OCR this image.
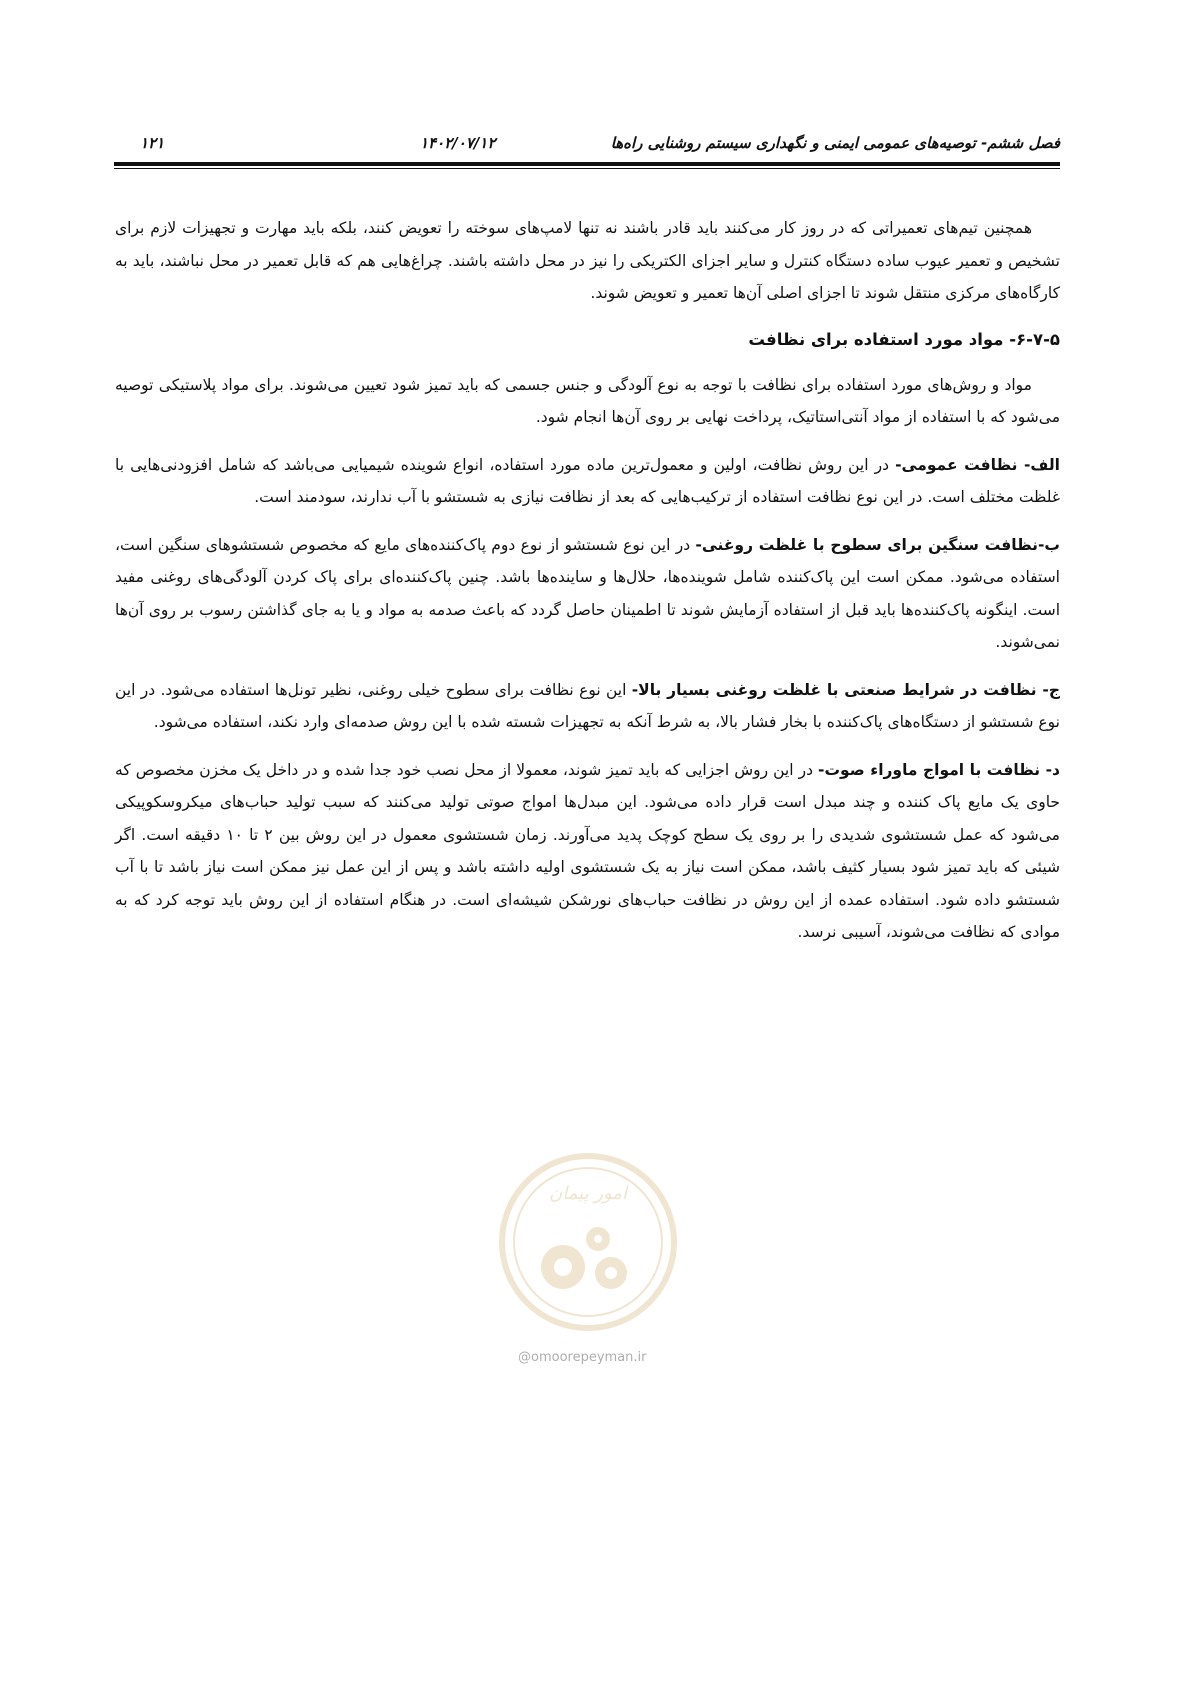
فصل ششم- توصیه‌های عمومی ایمنی و نگهداری سیستم روشنایی راه‌ها
۱۴۰۲/۰۷/۱۲
۱۲۱

همچنین تیم‌های تعمیراتی که در روز کار می‌کنند باید قادر باشند نه تنها لامپ‌های سوخته را تعویض کنند، بلکه باید مهارت و تجهیزات لازم برای تشخیص و تعمیر عیوب ساده دستگاه کنترل و سایر اجزای الکتریکی را نیز در محل داشته باشند. چراغ‌هایی هم که قابل تعمیر در محل نباشند، باید به کارگاه‌های مرکزی منتقل شوند تا اجزای اصلی آن‌ها تعمیر و تعویض شوند.

۶-۷-۵- مواد مورد استفاده برای نظافت

مواد و روش‌های مورد استفاده برای نظافت با توجه به نوع آلودگی و جنس جسمی که باید تمیز شود تعیین می‌شوند. برای مواد پلاستیکی توصیه می‌شود که با استفاده از مواد آنتی‌استاتیک، پرداخت نهایی بر روی آن‌ها انجام شود.

الف- نظافت عمومی- در این روش نظافت، اولین و معمول‌ترین ماده مورد استفاده، انواع شوینده شیمیایی می‌باشد که شامل افزودنی‌هایی با غلظت مختلف است. در این نوع نظافت استفاده از ترکیب‌هایی که بعد از نظافت نیازی به شستشو با آب ندارند، سودمند است.

ب-نظافت سنگین برای سطوح با غلظت روغنی- در این نوع شستشو از نوع دوم پاک‌کننده‌های مایع که مخصوص شستشوهای سنگین است، استفاده می‌شود. ممکن است این پاک‌کننده شامل شوینده‌ها، حلال‌ها و ساینده‌ها باشد. چنین پاک‌کننده‌ای برای پاک کردن آلودگی‌های روغنی مفید است. اینگونه پاک‌کننده‌ها باید قبل از استفاده آزمایش شوند تا اطمینان حاصل گردد که باعث صدمه به مواد و یا به جای گذاشتن رسوب بر روی آن‌ها نمی‌شوند.

ج- نظافت در شرایط صنعتی با غلظت روغنی بسیار بالا- این نوع نظافت برای سطوح خیلی روغنی، نظیر تونل‌ها استفاده می‌شود. در این نوع شستشو از دستگاه‌های پاک‌کننده با بخار فشار بالا، به شرط آنکه به تجهیزات شسته شده با این روش صدمه‌ای وارد نکند، استفاده می‌شود.

د- نظافت با امواج ماوراء صوت- در این روش اجزایی که باید تمیز شوند، معمولا از محل نصب خود جدا شده و در داخل یک مخزن مخصوص که حاوی یک مایع پاک کننده و چند مبدل است قرار داده می‌شود. این مبدل‌ها امواج صوتی تولید می‌کنند که سبب تولید حباب‌های میکروسکوپیکی می‌شود که عمل شستشوی شدیدی را بر روی یک سطح کوچک پدید می‌آورند. زمان شستشوی معمول در این روش بین ۲ تا ۱۰ دقیقه است. اگر شیئی که باید تمیز شود بسیار کثیف باشد، ممکن است نیاز به یک شستشوی اولیه داشته باشد و پس از این عمل نیز ممکن است نیاز باشد تا با آب شستشو داده شود. استفاده عمده از این روش در نظافت حباب‌های نورشکن شیشه‌ای است. در هنگام استفاده از این روش باید توجه کرد که به موادی که نظافت می‌شوند، آسیبی نرسد.

امور پیمان
@omoorepeyman.ir
